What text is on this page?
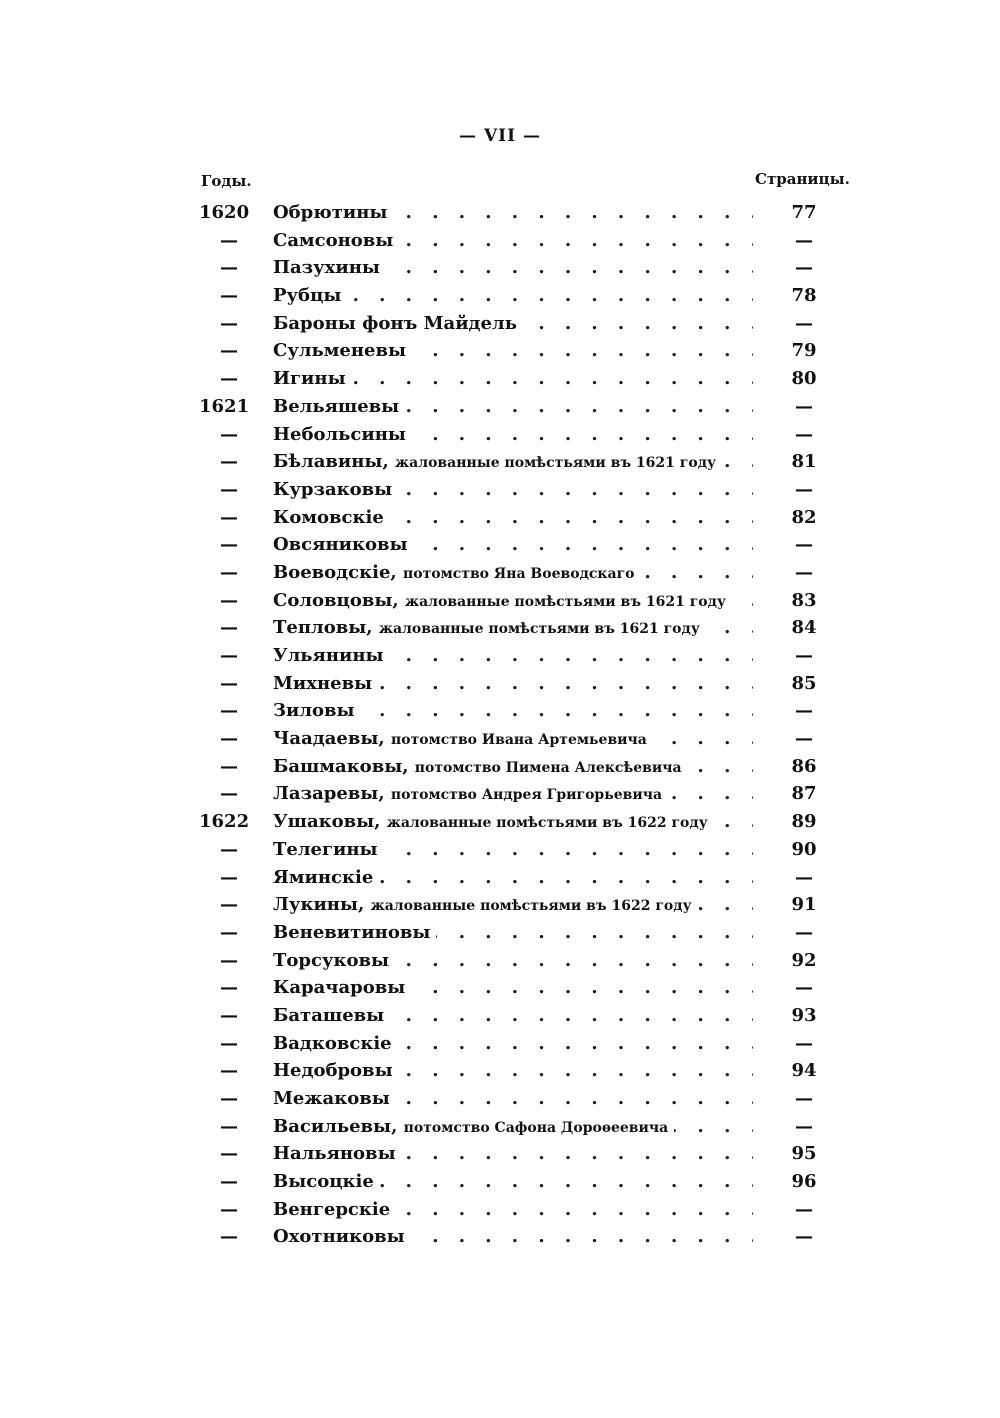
— VII —
Годы.	Страницы.
1620	Обрютины . . .	77
—	Самсоновы . . .	—
—	Пазухины . . .	—
—	Рубцы . . .	78
—	Бароны фонъ Майдель . . .	—
—	Сульменевы . . .	79
—	Игины . . .	80
1621	Вельяшевы . . .	—
—	Небольсины . . .	—
—	Бѣлавины, жалованные помѣстьями въ 1621 году . . .	81
—	Курзаковы . . .	—
—	Комовскіе . . .	82
—	Овсяниковы . . .	—
—	Воеводскіе, потомство Яна Воеводскаго . . .	—
—	Соловцовы, жалованные помѣстьями въ 1621 году . . .	83
—	Тепловы, жалованные помѣстьями въ 1621 году . . .	84
—	Ульянины . . .	—
—	Михневы . . .	85
—	Зиловы . . .	—
—	Чаадаевы, потомство Ивана Артемьевича . . .	—
—	Башмаковы, потомство Пимена Алексѣевича . . .	86
—	Лазаревы, потомство Андрея Григорьевича . . .	87
1622	Ушаковы, жалованные помѣстьями въ 1622 году . . .	89
—	Телегины . . .	90
—	Яминскіе . . .	—
—	Лукины, жалованные помѣстьями въ 1622 году . . .	91
—	Веневитиновы . . .	—
—	Торсуковы . . .	92
—	Карачаровы . . .	—
—	Баташевы . . .	93
—	Вадковскіе . . .	—
—	Недобровы . . .	94
—	Межаковы . . .	—
—	Васильевы, потомство Сафона Дороѳеевича . . .	—
—	Нальяновы . . .	95
—	Высоцкіе . . .	96
—	Венгерскіе . . .	—
—	Охотниковы . . .	—
